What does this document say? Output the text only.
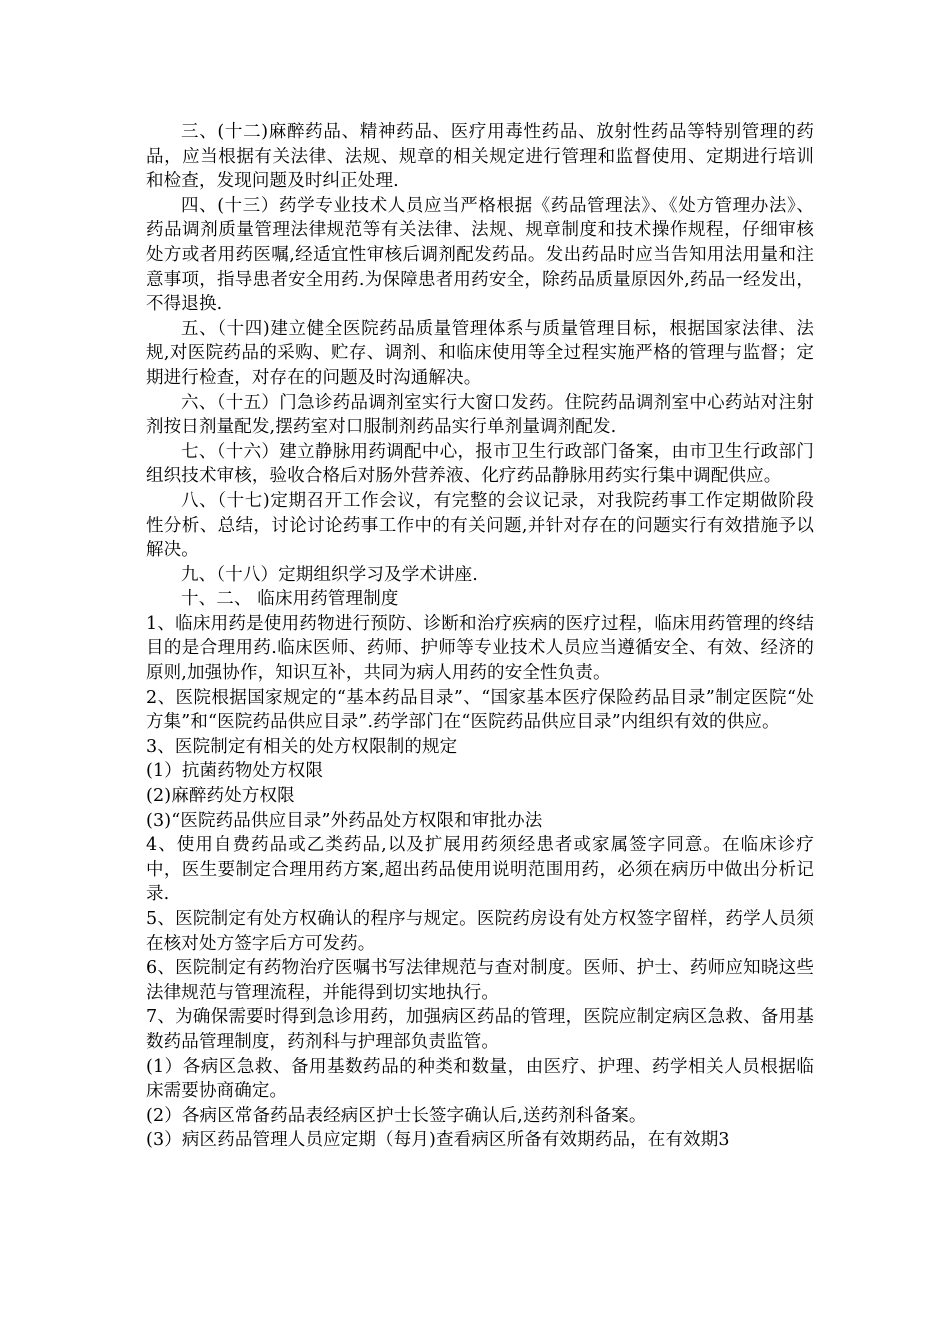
三、(十二)麻醉药品、精神药品、医疗用毒性药品、放射性药品等特别管理的药品，应当根据有关法律、法规、规章的相关规定进行管理和监督使用、定期进行培训和检查，发现问题及时纠正处理.

四、(十三）药学专业技术人员应当严格根据《药品管理法》、《处方管理办法》、药品调剂质量管理法律规范等有关法律、法规、规章制度和技术操作规程，仔细审核处方或者用药医嘱,经适宜性审核后调剂配发药品。发出药品时应当告知用法用量和注意事项，指导患者安全用药.为保障患者用药安全，除药品质量原因外,药品一经发出，不得退换.

五、（十四)建立健全医院药品质量管理体系与质量管理目标，根据国家法律、法规,对医院药品的采购、贮存、调剂、和临床使用等全过程实施严格的管理与监督；定期进行检查，对存在的问题及时沟通解决。

六、（十五）门急诊药品调剂室实行大窗口发药。住院药品调剂室中心药站对注射剂按日剂量配发,摆药室对口服制剂药品实行单剂量调剂配发.

七、（十六）建立静脉用药调配中心，报市卫生行政部门备案，由市卫生行政部门组织技术审核，验收合格后对肠外营养液、化疗药品静脉用药实行集中调配供应。

八、（十七)定期召开工作会议，有完整的会议记录，对我院药事工作定期做阶段性分析、总结，讨论讨论药事工作中的有关问题,并针对存在的问题实行有效措施予以解决。

九、（十八）定期组织学习及学术讲座.

十、二、 临床用药管理制度

1、临床用药是使用药物进行预防、诊断和治疗疾病的医疗过程，临床用药管理的终结目的是合理用药.临床医师、药师、护师等专业技术人员应当遵循安全、有效、经济的原则,加强协作，知识互补，共同为病人用药的安全性负责。

2、医院根据国家规定的“基本药品目录”、“国家基本医疗保险药品目录”制定医院“处方集”和“医院药品供应目录”.药学部门在“医院药品供应目录”内组织有效的供应。

3、医院制定有相关的处方权限制的规定

(1）抗菌药物处方权限

(2)麻醉药处方权限

(3)“医院药品供应目录”外药品处方权限和审批办法

4、使用自费药品或乙类药品,以及扩展用药须经患者或家属签字同意。在临床诊疗中，医生要制定合理用药方案,超出药品使用说明范围用药，必须在病历中做出分析记录.

5、医院制定有处方权确认的程序与规定。医院药房设有处方权签字留样，药学人员须在核对处方签字后方可发药。

6、医院制定有药物治疗医嘱书写法律规范与查对制度。医师、护士、药师应知晓这些法律规范与管理流程，并能得到切实地执行。

7、为确保需要时得到急诊用药，加强病区药品的管理，医院应制定病区急救、备用基数药品管理制度，药剂科与护理部负责监管。

(1）各病区急救、备用基数药品的种类和数量，由医疗、护理、药学相关人员根据临床需要协商确定。

(2）各病区常备药品表经病区护士长签字确认后,送药剂科备案。

(3）病区药品管理人员应定期（每月)查看病区所备有效期药品，在有效期3
